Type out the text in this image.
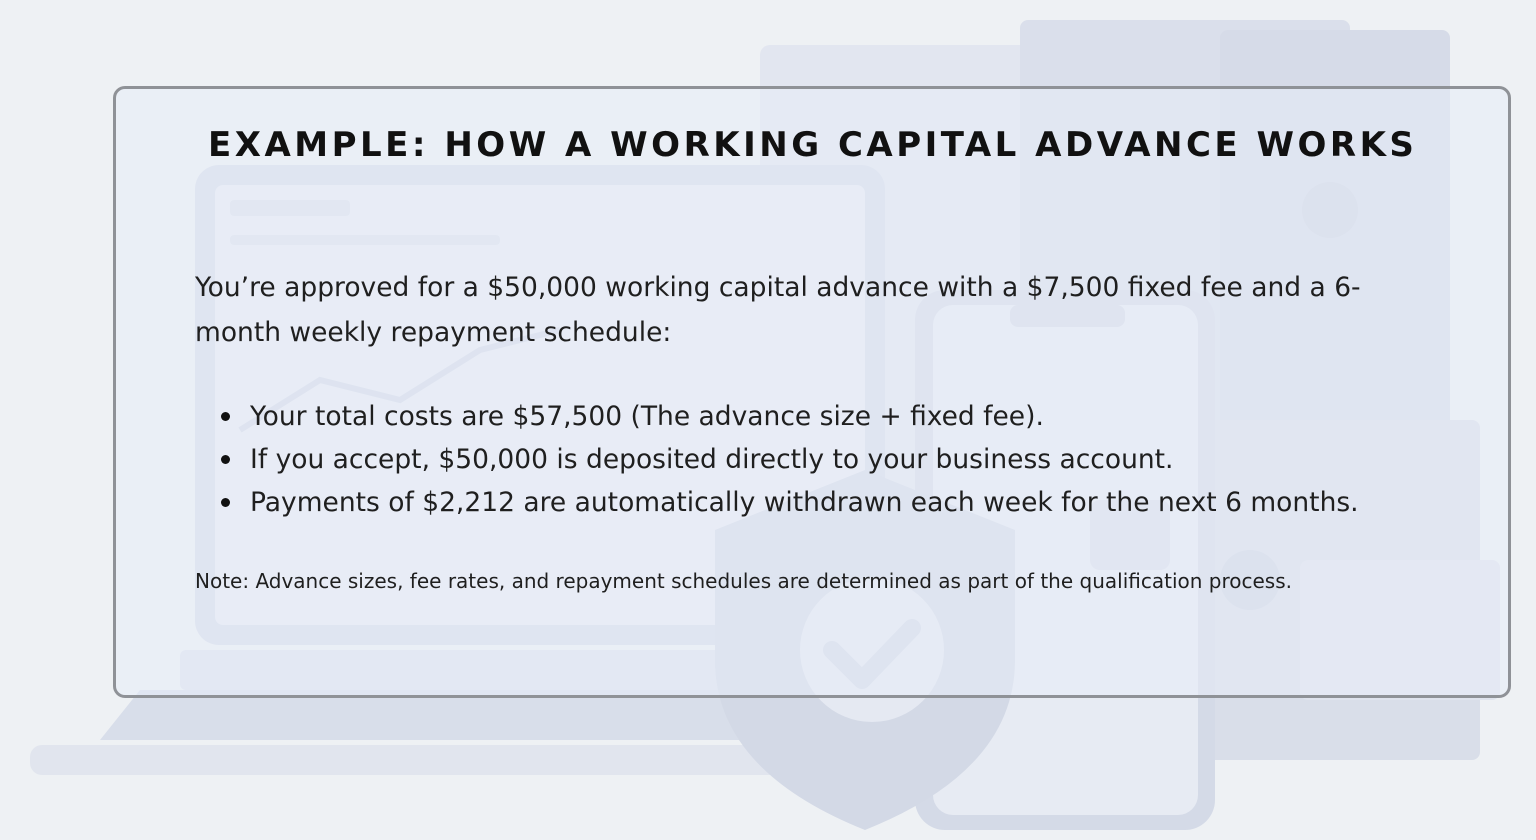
EXAMPLE: HOW A WORKING CAPITAL ADVANCE WORKS

You’re approved for a $50,000 working capital advance with a $7,500 fixed fee and a 6-month weekly repayment schedule:

Your total costs are $57,500 (The advance size + fixed fee).
If you accept, $50,000 is deposited directly to your business account.
Payments of $2,212 are automatically withdrawn each week for the next 6 months.

Note: Advance sizes, fee rates, and repayment schedules are determined as part of the qualification process.
